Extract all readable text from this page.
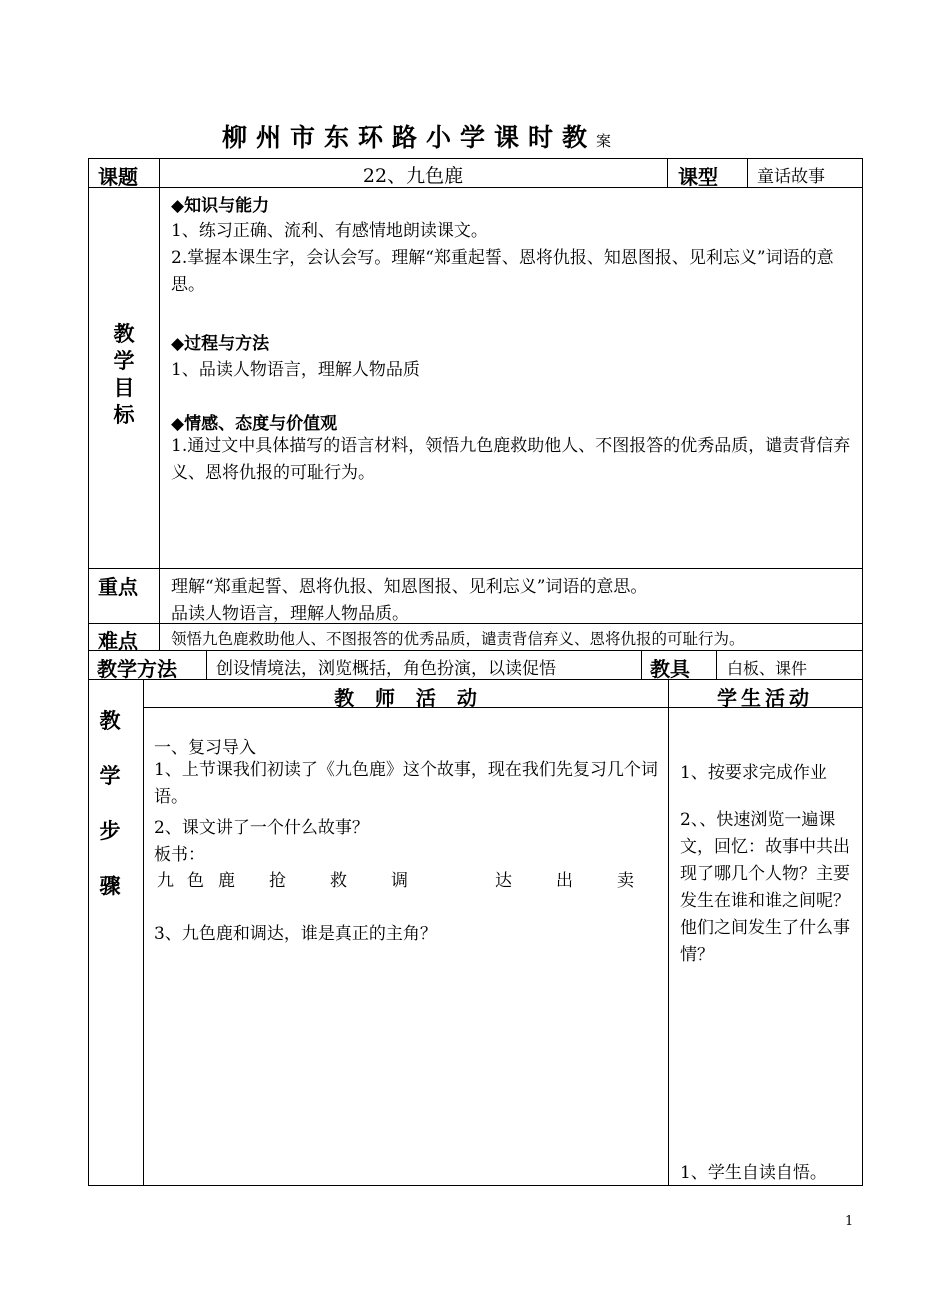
柳州市东环路小学课时教案
课题	22、九色鹿	课型 童话故事
教学目标
◆知识与能力
1、练习正确、流利、有感情地朗读课文。
2.掌握本课生字，会认会写。理解“郑重起誓、恩将仇报、知恩图报、见利忘义”词语的意思。
◆过程与方法
1、品读人物语言，理解人物品质
◆情感、态度与价值观
1.通过文中具体描写的语言材料，领悟九色鹿救助他人、不图报答的优秀品质，谴责背信弃义、恩将仇报的可耻行为。
重点 理解“郑重起誓、恩将仇报、知恩图报、见利忘义”词语的意思。
品读人物语言，理解人物品质。
难点 领悟九色鹿救助他人、不图报答的优秀品质，谴责背信弃义、恩将仇报的可耻行为。
教学方法 创设情境法，浏览概括，角色扮演，以读促悟	教具 白板、课件
教
学
步
骤
教   师   活   动	学生活动
一、复习导入
1、上节课我们初读了《九色鹿》这个故事，现在我们先复习几个词语。
2、课文讲了一个什么故事？
板书：
九 色 鹿 抢	救	调	达	出	卖
3、九色鹿和调达，谁是真正的主角？
1、按要求完成作业
2、、快速浏览一遍课文，回忆：故事中共出现了哪几个人物？主要发生在谁和谁之间呢？他们之间发生了什么事情？
1、学生自读自悟。
1
